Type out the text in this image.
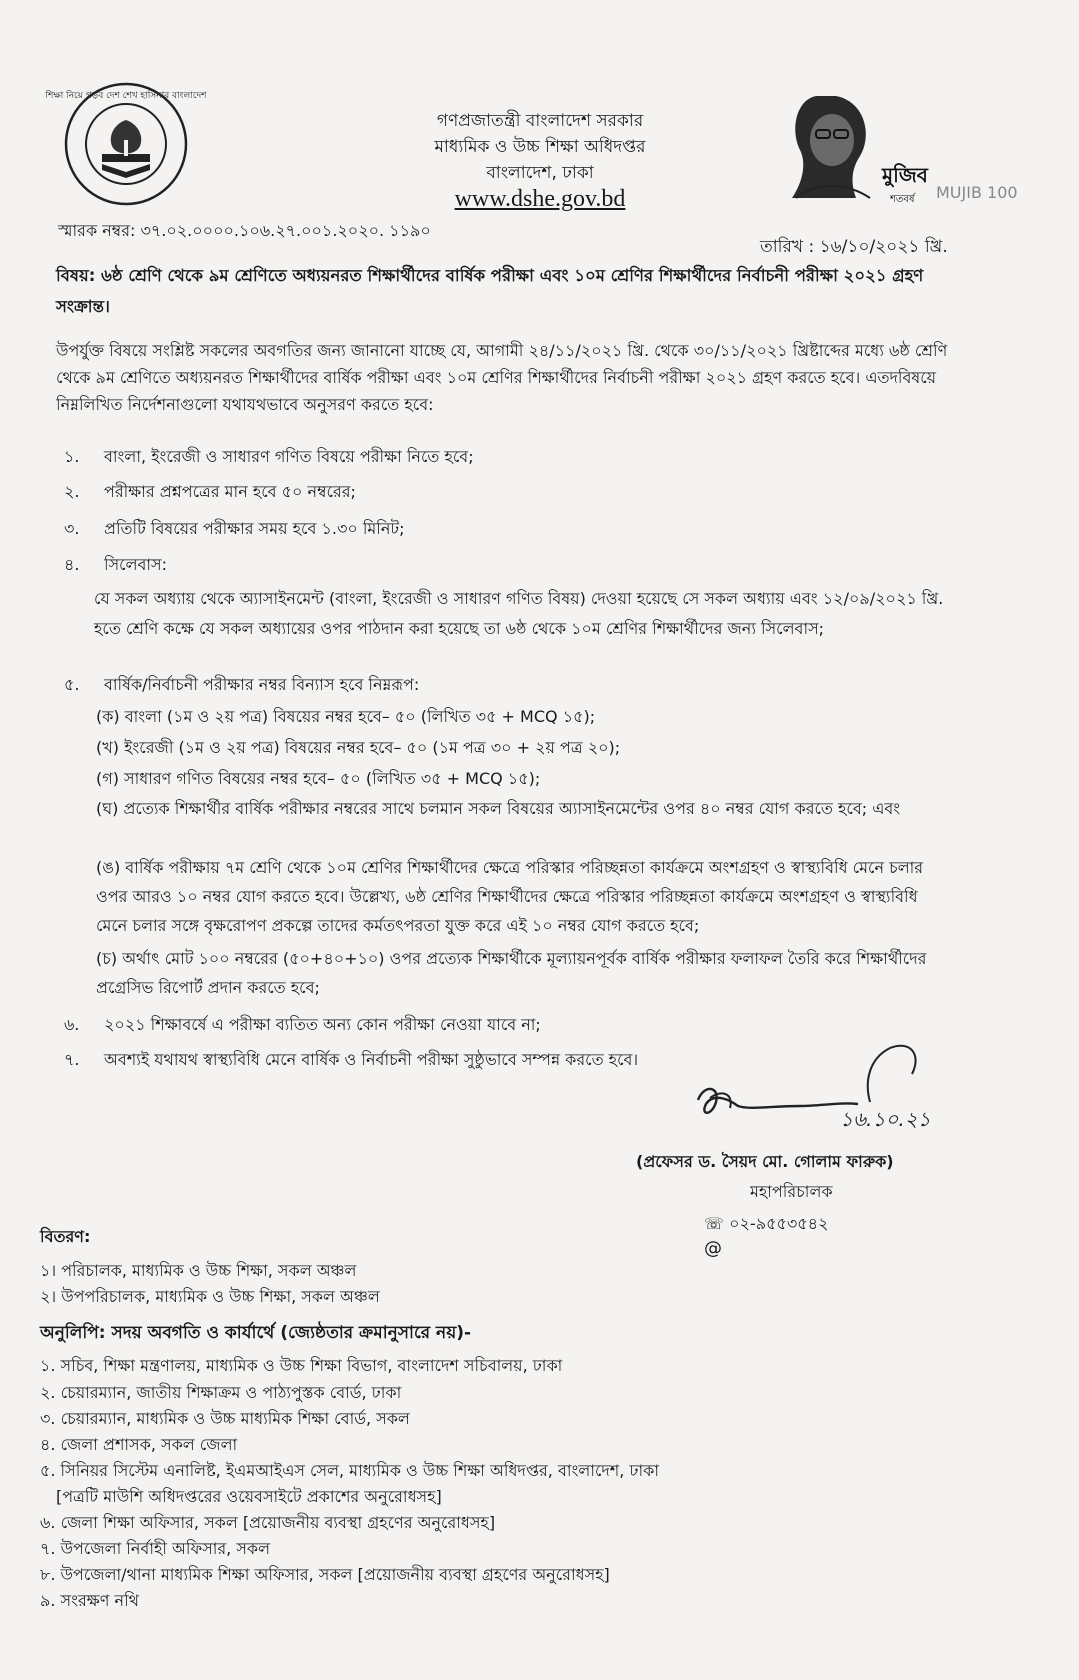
শিক্ষা নিয়ে গড়ব দেশ শেখ হাসিনার বাংলাদেশ
গণপ্রজাতন্ত্রী বাংলাদেশ সরকার
মাধ্যমিক ও উচ্চ শিক্ষা অধিদপ্তর
বাংলাদেশ, ঢাকা
www.dshe.gov.bd
মুজিব
শতবর্ষ MUJIB 100
স্মারক নম্বর: ৩৭.০২.০০০০.১০৬.২৭.০০১.২০২০. ১১৯০
তারিখ : ১৬/১০/২০২১ খ্রি.
বিষয়: ৬ষ্ঠ শ্রেণি থেকে ৯ম শ্রেণিতে অধ্যয়নরত শিক্ষার্থীদের বার্ষিক পরীক্ষা এবং ১০ম শ্রেণির শিক্ষার্থীদের নির্বাচনী পরীক্ষা ২০২১ গ্রহণ সংক্রান্ত।
উপর্যুক্ত বিষয়ে সংশ্লিষ্ট সকলের অবগতির জন্য জানানো যাচ্ছে যে, আগামী ২৪/১১/২০২১ খ্রি. থেকে ৩০/১১/২০২১ খ্রিষ্টাব্দের মধ্যে ৬ষ্ঠ শ্রেণি থেকে ৯ম শ্রেণিতে অধ্যয়নরত শিক্ষার্থীদের বার্ষিক পরীক্ষা এবং ১০ম শ্রেণির শিক্ষার্থীদের নির্বাচনী পরীক্ষা ২০২১ গ্রহণ করতে হবে। এতদবিষয়ে নিম্নলিখিত নির্দেশনাগুলো যথাযথভাবে অনুসরণ করতে হবে:
১.	বাংলা, ইংরেজী ও সাধারণ গণিত বিষয়ে পরীক্ষা নিতে হবে;
২.	পরীক্ষার প্রশ্নপত্রের মান হবে ৫০ নম্বরের;
৩.	প্রতিটি বিষয়ের পরীক্ষার সময় হবে ১.৩০ মিনিট;
৪.	সিলেবাস:
যে সকল অধ্যায় থেকে অ্যাসাইনমেন্ট (বাংলা, ইংরেজী ও সাধারণ গণিত বিষয়) দেওয়া হয়েছে সে সকল অধ্যায় এবং ১২/০৯/২০২১ খ্রি. হতে শ্রেণি কক্ষে যে সকল অধ্যায়ের ওপর পাঠদান করা হয়েছে তা ৬ষ্ঠ থেকে ১০ম শ্রেণির শিক্ষার্থীদের জন্য সিলেবাস;
৫.	বার্ষিক/নির্বাচনী পরীক্ষার নম্বর বিন্যাস হবে নিম্নরূপ:
(ক) বাংলা (১ম ও ২য় পত্র) বিষয়ের নম্বর হবে– ৫০ (লিখিত ৩৫ + MCQ ১৫);
(খ) ইংরেজী (১ম ও ২য় পত্র) বিষয়ের নম্বর হবে– ৫০ (১ম পত্র ৩০ + ২য় পত্র ২০);
(গ) সাধারণ গণিত বিষয়ের নম্বর হবে– ৫০ (লিখিত ৩৫ + MCQ ১৫);
(ঘ) প্রত্যেক শিক্ষার্থীর বার্ষিক পরীক্ষার নম্বরের সাথে চলমান সকল বিষয়ের অ্যাসাইনমেন্টের ওপর ৪০ নম্বর যোগ করতে হবে; এবং
(ঙ) বার্ষিক পরীক্ষায় ৭ম শ্রেণি থেকে ১০ম শ্রেণির শিক্ষার্থীদের ক্ষেত্রে পরিস্কার পরিচ্ছন্নতা কার্যক্রমে অংশগ্রহণ ও স্বাস্থ্যবিধি মেনে চলার ওপর আরও ১০ নম্বর যোগ করতে হবে। উল্লেখ্য, ৬ষ্ঠ শ্রেণির শিক্ষার্থীদের ক্ষেত্রে পরিস্কার পরিচ্ছন্নতা কার্যক্রমে অংশগ্রহণ ও স্বাস্থ্যবিধি মেনে চলার সঙ্গে বৃক্ষরোপণ প্রকল্পে তাদের কর্মতৎপরতা যুক্ত করে এই ১০ নম্বর যোগ করতে হবে;
(চ) অর্থাৎ মোট ১০০ নম্বরের (৫০+৪০+১০) ওপর প্রত্যেক শিক্ষার্থীকে মূল্যায়নপূর্বক বার্ষিক পরীক্ষার ফলাফল তৈরি করে শিক্ষার্থীদের প্রগ্রেসিভ রিপোর্ট প্রদান করতে হবে;
৬.	২০২১ শিক্ষাবর্ষে এ পরীক্ষা ব্যতিত অন্য কোন পরীক্ষা নেওয়া যাবে না;
৭.	অবশ্যই যথাযথ স্বাস্থ্যবিধি মেনে বার্ষিক ও নির্বাচনী পরীক্ষা সুষ্ঠুভাবে সম্পন্ন করতে হবে।
১৬.১০.২১
(প্রফেসর ড. সৈয়দ মো. গোলাম ফারুক)
মহাপরিচালক
☏ ০২-৯৫৫৩৫৪২
@
বিতরণ:
১। পরিচালক, মাধ্যমিক ও উচ্চ শিক্ষা, সকল অঞ্চল
২। উপপরিচালক, মাধ্যমিক ও উচ্চ শিক্ষা, সকল অঞ্চল
অনুলিপি: সদয় অবগতি ও কার্যার্থে (জ্যেষ্ঠতার ক্রমানুসারে নয়)-
১. সচিব, শিক্ষা মন্ত্রণালয়, মাধ্যমিক ও উচ্চ শিক্ষা বিভাগ, বাংলাদেশ সচিবালয়, ঢাকা
২. চেয়ারম্যান, জাতীয় শিক্ষাক্রম ও পাঠ্যপুস্তক বোর্ড, ঢাকা
৩. চেয়ারম্যান, মাধ্যমিক ও উচ্চ মাধ্যমিক শিক্ষা বোর্ড, সকল
৪. জেলা প্রশাসক, সকল জেলা
৫. সিনিয়র সিস্টেম এনালিষ্ট, ইএমআইএস সেল, মাধ্যমিক ও উচ্চ শিক্ষা অধিদপ্তর, বাংলাদেশ, ঢাকা
[পত্রটি মাউশি অধিদপ্তরের ওয়েবসাইটে প্রকাশের অনুরোধসহ]
৬. জেলা শিক্ষা অফিসার, সকল [প্রয়োজনীয় ব্যবস্থা গ্রহণের অনুরোধসহ]
৭. উপজেলা নির্বাহী অফিসার, সকল
৮. উপজেলা/থানা মাধ্যমিক শিক্ষা অফিসার, সকল [প্রয়োজনীয় ব্যবস্থা গ্রহণের অনুরোধসহ]
৯. সংরক্ষণ নথি
